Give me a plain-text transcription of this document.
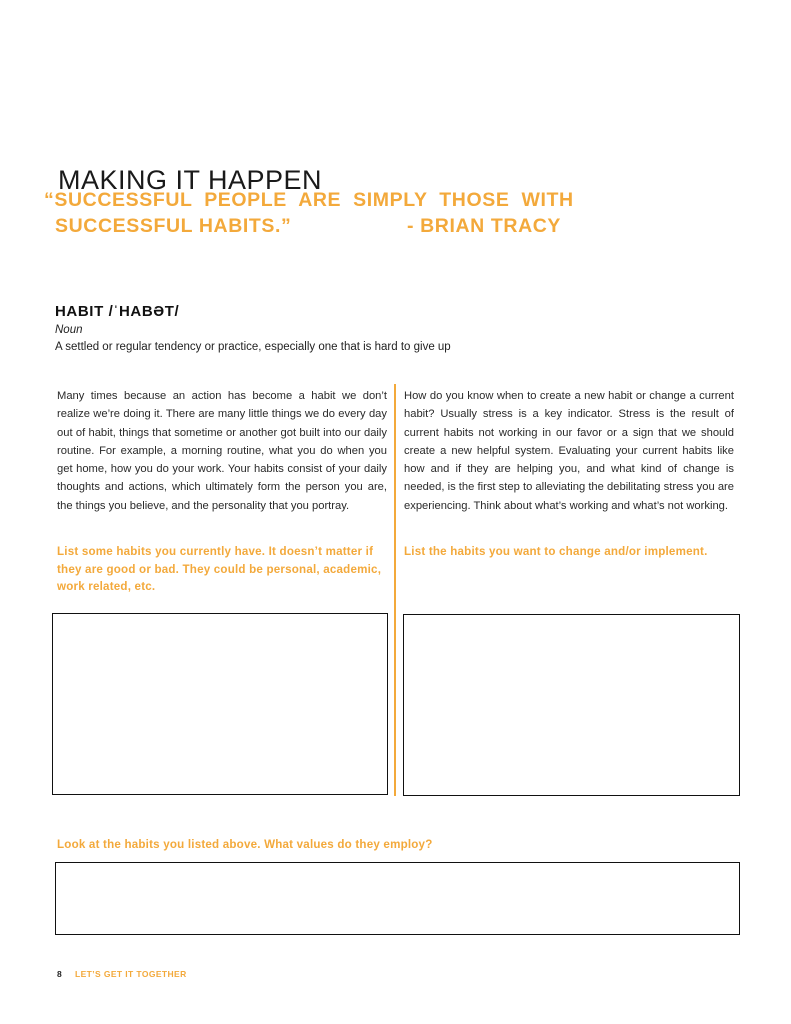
MAKING IT HAPPEN
“SUCCESSFUL PEOPLE ARE SIMPLY THOSE WITH
SUCCESSFUL HABITS.”	- BRIAN TRACY
HABIT /ˈHABƏT/
Noun
A settled or regular tendency or practice, especially one that is hard to give up

Many times because an action has become a habit we don’t realize we’re doing it. There are many little things we do every day out of habit, things that sometime or another got built into our daily routine. For example, a morning routine, what you do when you get home, how you do your work. Your habits consist of your daily thoughts and actions, which ultimately form the person you are, the things you believe, and the personality that you portray.

How do you know when to create a new habit or change a current habit? Usually stress is a key indicator. Stress is the result of current habits not working in our favor or a sign that we should create a new helpful system. Evaluating your current habits like how and if they are helping you, and what kind of change is needed, is the first step to alleviating the debilitating stress you are experiencing. Think about what’s working and what’s not working.

List some habits you currently have. It doesn’t matter if they are good or bad. They could be personal, academic, work related, etc.
List the habits you want to change and/or implement.
Look at the habits you listed above. What values do they employ?
8 LET’S GET IT TOGETHER
